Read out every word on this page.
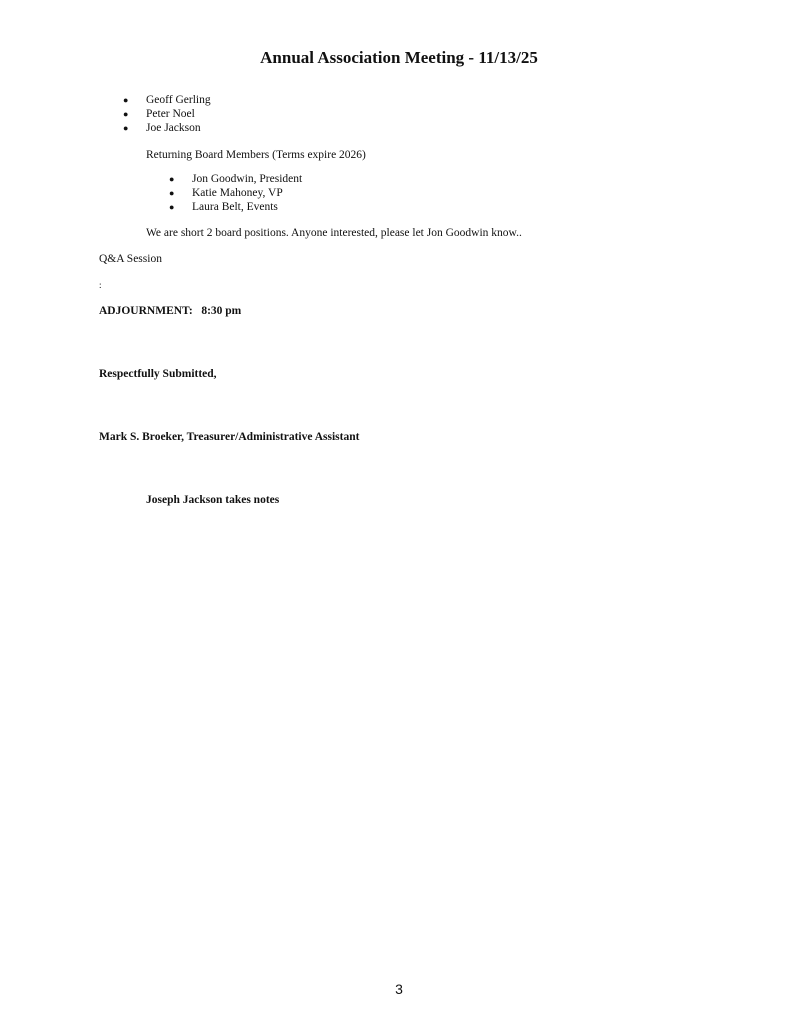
Annual Association Meeting - 11/13/25
● Geoff Gerling
● Peter Noel
● Joe Jackson
Returning Board Members (Terms expire 2026)
● Jon Goodwin, President
● Katie Mahoney, VP
● Laura Belt, Events
We are short 2 board positions. Anyone interested, please let Jon Goodwin know..
Q&A Session
:
ADJOURNMENT:   8:30 pm
Respectfully Submitted,
Mark S. Broeker, Treasurer/Administrative Assistant
Joseph Jackson takes notes
3
